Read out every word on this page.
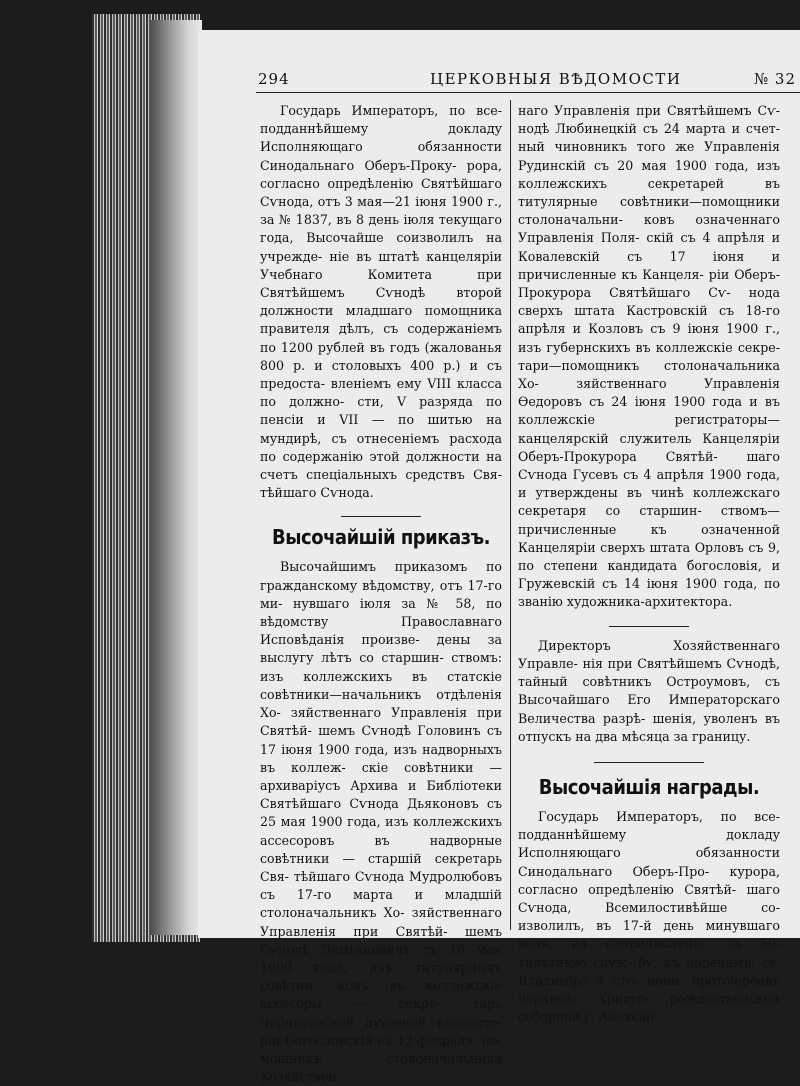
294	ЦЕРКОВНЫЯ ВѢДОМОСТИ	№ 32

Государь Императоръ, по все- подданнѣйшему докладу Исполняющаго	обязанности Синодальнаго Оберъ-Проку- рора, согласно опредѣленію Святѣйшаго Сѵнода, отъ 3 мая—21 іюня 1900 г., за № 1837, въ 8 день іюля текущаго года, Высочайше соизволилъ на учрежде- ніе въ штатѣ канцеляріи Учебнаго	Комитета при Святѣйшемъ Сѵнодѣ второй должности младшаго помощника правителя дѣлъ, съ содержаніемъ по 1200 рублей въ годъ (жалованья 800 р. и столовыхъ 400 р.) и съ предоста- вленіемъ ему VIII класса по должно- сти, V разряда по пенсіи и VII — по шитью на мундирѣ, съ отнесеніемъ расхода по содержанію этой должности на счетъ спеціальныхъ средствъ Свя- тѣйшаго Сѵнода.

Высочайшій приказъ.

Высочайшимъ приказомъ по гражданскому вѣдомству, отъ 17-го ми- нувшаго іюля за № 58, по вѣдомству	Православнаго Исповѣданія произве- дены за выслугу лѣтъ со старшин- ствомъ: изъ коллежскихъ въ статскіе совѣтники—начальникъ отдѣленія Хо- зяйственнаго Управленія при Святѣй- шемъ Сѵнодѣ Головинъ съ 17 іюня 1900 года, изъ надворныхъ въ коллеж- скіе совѣтники — архиваріусъ Архива и Библіотеки Святѣйшаго Сѵнода Дьяконовъ съ 25 мая 1900 года, изъ коллежскихъ ассесоровъ въ надворные совѣтники — старшій секретарь Свя- тѣйшаго Сѵнода Мудролюбовъ съ 17-го марта и младшій столоначальникъ Хо- зяйственнаго Управленія при Святѣй- шемъ Сѵнодѣ Демьяновичъ съ 10 мая 1900 года, изъ титулярныхъ совѣтни- ковъ въ коллежскіе ассесоры — секре-	тарь Черниговской духовной консисто- ріи Богословскій съ 12 февраля, по- мощникъ столоначальника Хозяйствен-

наго Управленія при Святѣйшемъ Сѵ- нодѣ Любинецкій съ 24 марта и счет- ный чиновникъ того же Управленія Рудинскій съ 20 мая 1900 года, изъ коллежскихъ секретарей въ титулярные совѣтники—помощники столоначальни- ковъ означеннаго Управленія Поля- скій съ 4 апрѣля и Ковалевскій съ 17 іюня и причисленные къ Канцеля- ріи Оберъ-Прокурора Святѣйшаго Сѵ- нода сверхъ штата Кастровскій съ 18-го апрѣля и Козловъ съ 9 іюня 1900 г., изъ губернскихъ въ коллежскіе секре- тари—помощникъ столоначальника Хо-	зяйственнаго Управленія Ѳедоровъ съ 24 іюня 1900 года и въ коллежскіе	регистраторы—канцелярскій служитель Канцеляріи Оберъ-Прокурора Святѣй- шаго Сѵнода Гусевъ съ 4 апрѣля 1900 года, и утверждены въ чинѣ коллежскаго секретаря со старшин- ствомъ—причисленные къ означенной Канцеляріи сверхъ штата Орловъ съ 9, по степени кандидата богословія, и Гружевскій съ 14 іюня 1900 года, по званію художника-архитектора.

Директоръ Хозяйственнаго Управле- нія при Святѣйшемъ Сѵнодѣ, тайный совѣтникъ Остроумовъ, съ Высочайшаго Его Императорскаго Величества разрѣ- шенія, уволенъ въ отпускъ на два мѣсяца за границу.

Высочайшія награды.

Государь Императоръ, по все- подданнѣйшему докладу Исполняющаго	обязанности Синодальнаго Оберъ-Про- курора, согласно опредѣленію Святѣй- шаго Сѵнода, Всемилостивѣйше со- изволилъ, въ 17-й день минувшаго іюля, на сопричисленіе, за 50-тилѣтнюю служ- бу, къ орденамъ: св. Владиміра 4 сте- пени: протоіереевъ церквей: Христо- рождественской соборной г. Алексан-
